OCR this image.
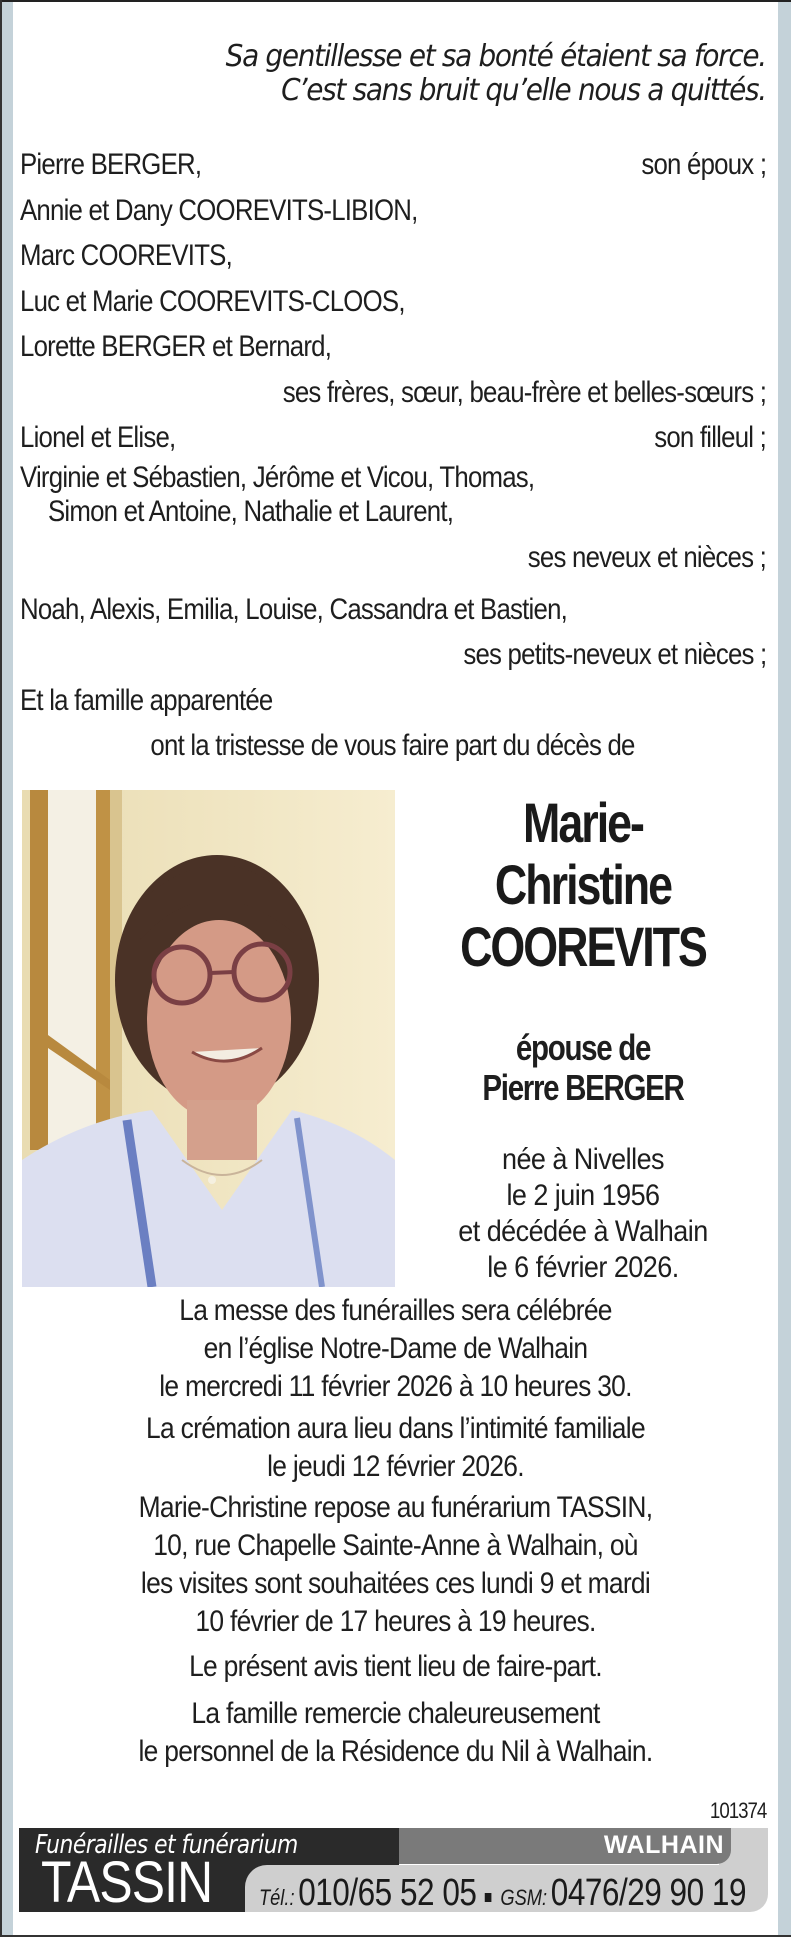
Sa gentillesse et sa bonté étaient sa force.
C’est sans bruit qu’elle nous a quittés.
Pierre BERGER,	son époux ;
Annie et Dany COOREVITS-LIBION,
Marc COOREVITS,
Luc et Marie COOREVITS-CLOOS,
Lorette BERGER et Bernard,
ses frères, sœur, beau-frère et belles-sœurs ;
Lionel et Elise,	son filleul ;
Virginie et Sébastien, Jérôme et Vicou, Thomas,
Simon et Antoine, Nathalie et Laurent,
ses neveux et nièces ;
Noah, Alexis, Emilia, Louise, Cassandra et Bastien,
ses petits-neveux et nièces ;
Et la famille apparentée
ont la tristesse de vous faire part du décès de
Marie-
Christine
COOREVITS
épouse de
Pierre BERGER
née à Nivelles
le 2 juin 1956
et décédée à Walhain
le 6 février 2026.
La messe des funérailles sera célébrée
en l’église Notre-Dame de Walhain
le mercredi 11 février 2026 à 10 heures 30.
La crémation aura lieu dans l’intimité familiale
le jeudi 12 février 2026.
Marie-Christine repose au funérarium TASSIN,
10, rue Chapelle Sainte-Anne à Walhain, où
les visites sont souhaitées ces lundi 9 et mardi
10 février de 17 heures à 19 heures.
Le présent avis tient lieu de faire-part.
La famille remercie chaleureusement
le personnel de la Résidence du Nil à Walhain.
101374
Funérailles et funérarium
TASSIN
WALHAIN
Tél.: 010/65 52 05 GSM: 0476/29 90 19
